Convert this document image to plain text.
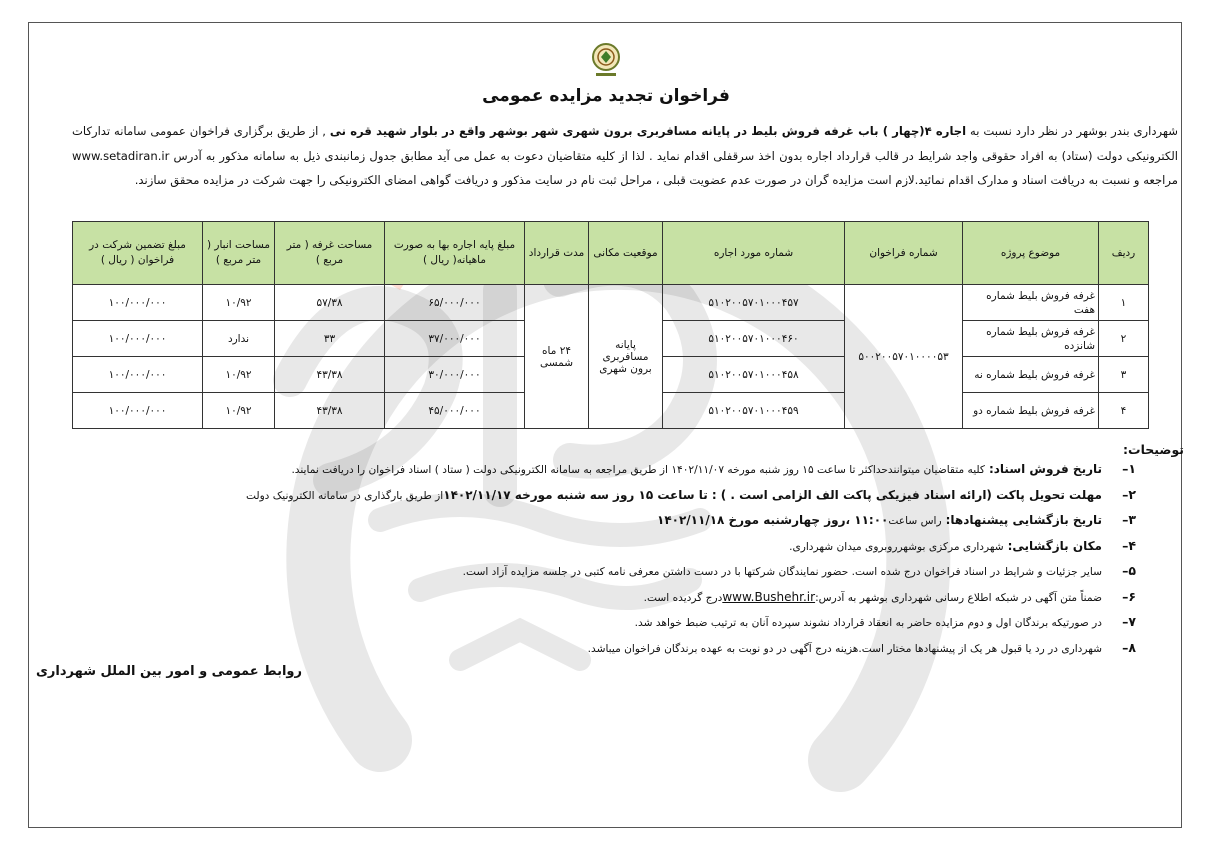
فراخوان تجدید مزایده عمومی
شهرداری بندر بوشهر در نظر دارد نسبت به اجاره ۴(چهار ) باب غرفه فروش بلیط در پایانه مسافربری برون شهری شهر بوشهر واقع در بلوار شهید قره نی , از طریق برگزاری فراخوان عمومی سامانه تدارکات الکترونیکی دولت (ستاد) به افراد حقوقی واجد شرایط در قالب قرارداد اجاره بدون اخذ سرقفلی اقدام نماید . لذا از کلیه متقاضیان دعوت به عمل می آید مطابق جدول زمانبندی ذیل به سامانه مذکور به آدرس www.setadiran.ir مراجعه و نسبت به دریافت اسناد و مدارک اقدام نمائید.لازم است مزایده گران در صورت عدم عضویت قبلی ، مراحل ثبت نام در سایت مذکور و دریافت گواهی امضای الکترونیکی را جهت شرکت در مزایده محقق سازند.
ردیف	موضوع پروژه	شماره فراخوان	شماره مورد اجاره	موقعیت مکانی	مدت قرارداد	مبلغ پایه اجاره بها به صورت ماهیانه( ریال )	مساحت غرفه ( متر مربع )	مساحت انبار ( متر مربع )	مبلغ تضمین شرکت در فراخوان ( ریال )
۱	غرفه فروش بلیط شماره هفت	۵۰۰۲۰۰۵۷۰۱۰۰۰۰۵۳	۵۱۰۲۰۰۵۷۰۱۰۰۰۴۵۷	پایانه مسافربری برون شهری	۲۴ ماه شمسی	۶۵/۰۰۰/۰۰۰	۵۷/۳۸	۱۰/۹۲	۱۰۰/۰۰۰/۰۰۰
۲	غرفه فروش بلیط شماره شانزده		۵۱۰۲۰۰۵۷۰۱۰۰۰۴۶۰			۳۷/۰۰۰/۰۰۰	۳۳	ندارد	۱۰۰/۰۰۰/۰۰۰
۳	غرفه فروش بلیط شماره نه		۵۱۰۲۰۰۵۷۰۱۰۰۰۴۵۸			۳۰/۰۰۰/۰۰۰	۴۳/۳۸	۱۰/۹۲	۱۰۰/۰۰۰/۰۰۰
۴	غرفه فروش بلیط شماره دو		۵۱۰۲۰۰۵۷۰۱۰۰۰۴۵۹			۴۵/۰۰۰/۰۰۰	۴۳/۳۸	۱۰/۹۲	۱۰۰/۰۰۰/۰۰۰
توضیحات:
۱–
تاریخ فروش اسناد:
کلیه متقاضیان میتوانندحداکثر تا ساعت ۱۵ روز شنبه مورخه ۱۴۰۲/۱۱/۰۷ از طریق مراجعه به سامانه الکترونیکی دولت ( ستاد ) اسناد فراخوان را دریافت نمایند.
۲–
مهلت تحویل پاکت (ارائه اسناد فیزیکی پاکت الف الزامی است . )
: تا ساعت ۱۵ روز سه شنبه مورخه ۱۴۰۲/۱۱/۱۷
از طریق بارگذاری در سامانه الکترونیک دولت
۳–
تاریخ بازگشایی پیشنهادها:
راس ساعت
۱۱:۰۰ ،روز چهارشنبه مورخ ۱۴۰۲/۱۱/۱۸
۴–
مکان بازگشایی:
شهرداری مرکزی بوشهرروبروی میدان شهرداری.
۵–
سایر جزئیات و شرایط در اسناد فراخوان درج شده است. حضور نمایندگان شرکتها با در دست داشتن معرفی نامه کتبی در جلسه مزایده آزاد است.
۶–
ضمناً متن آگهی در شبکه اطلاع رسانی شهرداری بوشهر به آدرس:
www.Bushehr.ir
درج گردیده است.
۷–
در صورتیکه برندگان اول و دوم مزایده حاضر به انعقاد قرارداد نشوند سپرده آنان به ترتیب ضبط خواهد شد.
۸–
شهرداری در رد یا قبول هر یک از پیشنهادها مختار است.هزینه درج آگهی در دو نوبت به عهده برندگان فراخوان میباشد.
روابط عمومی و امور بین الملل شهرداری
